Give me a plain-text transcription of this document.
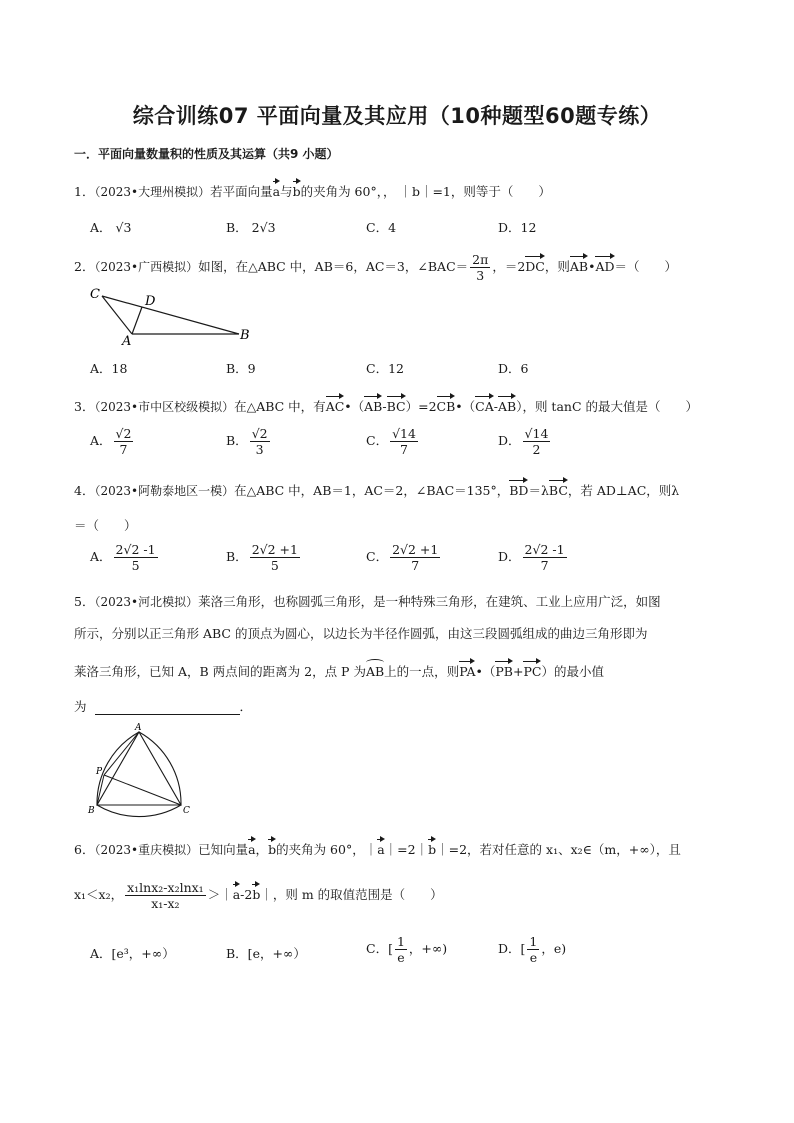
综合训练07 平面向量及其应用（10种题型60题专练）
一．平面向量数量积的性质及其运算（共9 小题）
1．（2023•大理州模拟）若平面向量a与b的夹角为 60°，， ｜b｜=1，则等于（　　）
A． √3	B． 2√3	C．4	D．12
2．（2023•广西模拟）如图，在△ABC 中，AB＝6，AC＝3，∠BAC＝ $\frac{2\pi}{3}$ ，＝2DC，则AB•AD＝（　　）
C	D
A	B
A．18	B．9	C．12	D．6
3．（2023•市中区校级模拟）在△ABC 中，有AC•（AB-BC）=2CB•（CA-AB），则 tanC 的最大值是（　　）
A． $\frac{√2}{7}$	B． $\frac{√2}{3}$	C． $\frac{√14}{7}$	D． $\frac{√14}{2}$
4．（2023•阿勒泰地区一模）在△ABC 中，AB＝1，AC＝2，∠BAC＝135°，BD＝λBC，若 AD⊥AC，则λ
＝（　　）
A． $\frac{2√2 -1}{5}$	B． $\frac{2√2 +1}{5}$	C． $\frac{2√2 +1}{7}$	D． $\frac{2√2 -1}{7}$
5．（2023•河北模拟）莱洛三角形，也称圆弧三角形，是一种特殊三角形，在建筑、工业上应用广泛，如图
所示，分别以正三角形 ABC 的顶点为圆心，以边长为半径作圆弧，由这三段圆弧组成的曲边三角形即为
莱洛三角形，已知 A，B 两点间的距离为 2，点 P 为AB上的一点，则PA•（PB+PC）的最小值
为	．
A
P
B	C
6．（2023•重庆模拟）已知向量a，b的夹角为 60°，｜a｜=2｜b｜=2，若对任意的 x₁、x₂∈（m，+∞），且
x₁＜x₂， $\frac{\text{x₁lnx₂-x₂lnx₁}}{\text{x₁-x₂}}$ ＞｜a-2b｜，则 m 的取值范围是（　　）
A．[e³，+∞）	B．[e，+∞）	C．[ $\frac{1}{e}$ ，+∞)	D．[ $\frac{1}{e}$ ，e)
